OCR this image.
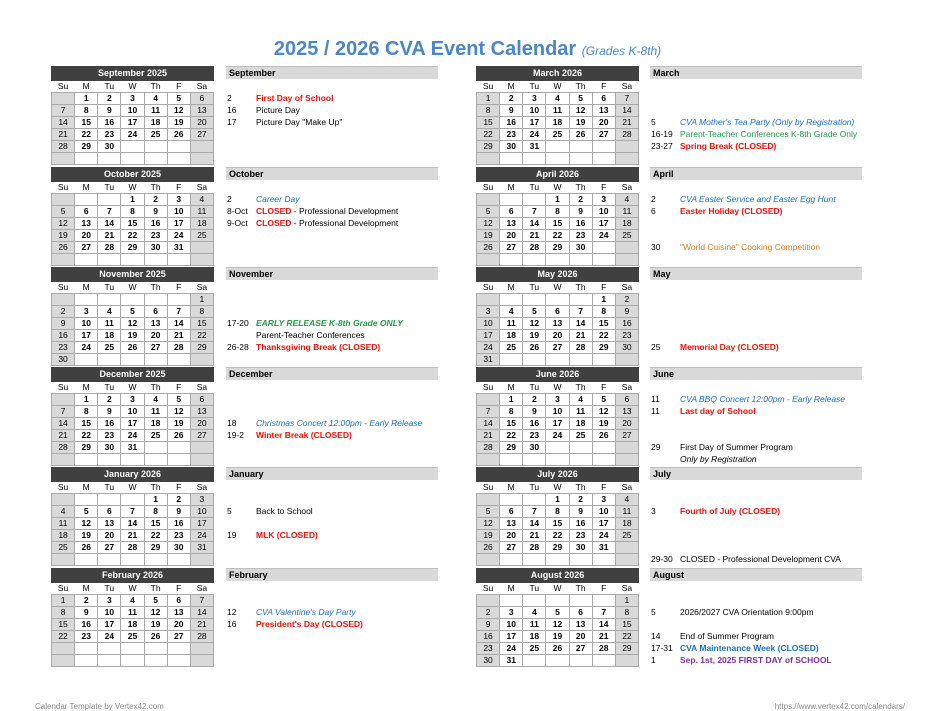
2025 / 2026 CVA Event Calendar (Grades K-8th)
September 2025						
Su	M	Tu	W	Th	F	Sa
	1	2	3	4	5	6
7	8	9	10	11	12	13
14	15	16	17	18	19	20
21	22	23	24	25	26	27
28	29	30				

September
2	First Day of School
16 Picture Day
17 Picture Day "Make Up"
October 2025						
Su	M	Tu	W	Th	F	Sa
			1	2	3	4
5	6	7	8	9	10	11
12	13	14	15	16	17	18
19	20	21	22	23	24	25
26	27	28	29	30	31	

October
2	Career Day
8-Oct CLOSED - Professional Development
9-Oct CLOSED - Professional Development
November 2025						
Su	M	Tu	W	Th	F	Sa
						1
2	3	4	5	6	7	8
9	10	11	12	13	14	15
16	17	18	19	20	21	22
23	24	25	26	27	28	29
30						
November
17-20 EARLY RELEASE K-8th Grade ONLY
Parent-Teacher Conferences
26-28 Thanksgiving Break (CLOSED)
December 2025						
Su	M	Tu	W	Th	F	Sa
	1	2	3	4	5	6
7	8	9	10	11	12	13
14	15	16	17	18	19	20
21	22	23	24	25	26	27
28	29	30	31			

December
18 Christmas Concert 12:00pm - Early Release
19-2 Winter Break (CLOSED)
January 2026						
Su	M	Tu	W	Th	F	Sa
				1	2	3
4	5	6	7	8	9	10
11	12	13	14	15	16	17
18	19	20	21	22	23	24
25	26	27	28	29	30	31

January
5	Back to School
19 MLK (CLOSED)
February 2026						
Su	M	Tu	W	Th	F	Sa
1	2	3	4	5	6	7
8	9	10	11	12	13	14
15	16	17	18	19	20	21
22	23	24	25	26	27	28

February
12 CVA Valentine's Day Party
16 President's Day (CLOSED)
March 2026						
Su	M	Tu	W	Th	F	Sa
1	2	3	4	5	6	7
8	9	10	11	12	13	14
15	16	17	18	19	20	21
22	23	24	25	26	27	28
29	30	31				

March
5	CVA Mother's Tea Party (Only by Registration)
16-19 Parent-Teacher Conferences K-8th Grade Only
23-27 Spring Break (CLOSED)
April 2026						
Su	M	Tu	W	Th	F	Sa
			1	2	3	4
5	6	7	8	9	10	11
12	13	14	15	16	17	18
19	20	21	22	23	24	25
26	27	28	29	30		

April
2	CVA Easter Service and Easter Egg Hunt
6	Easter Holiday (CLOSED)
30 "World Cuisine" Cooking Competition
May 2026						
Su	M	Tu	W	Th	F	Sa
					1	2
3	4	5	6	7	8	9
10	11	12	13	14	15	16
17	18	19	20	21	22	23
24	25	26	27	28	29	30
31						
May
25 Memorial Day (CLOSED)
June 2026						
Su	M	Tu	W	Th	F	Sa
	1	2	3	4	5	6
7	8	9	10	11	12	13
14	15	16	17	18	19	20
21	22	23	24	25	26	27
28	29	30				

June
11 CVA BBQ Concert 12:00pm - Early Release
11 Last day of School
29 First Day of Summer Program
Only by Registration
July 2026						
Su	M	Tu	W	Th	F	Sa
			1	2	3	4
5	6	7	8	9	10	11
12	13	14	15	16	17	18
19	20	21	22	23	24	25
26	27	28	29	30	31	

July
3	Fourth of July (CLOSED)
29-30 CLOSED - Professional Development CVA
August 2026						
Su	M	Tu	W	Th	F	Sa
						1
2	3	4	5	6	7	8
9	10	11	12	13	14	15
16	17	18	19	20	21	22
23	24	25	26	27	28	29
30	31					
August
5	2026/2027 CVA Orientation 9:00pm
14 End of Summer Program
17-31 CVA Maintenance Week (CLOSED)
1	Sep. 1st, 2025 FIRST DAY of SCHOOL
Calendar Template by Vertex42.com	https://www.vertex42.com/calendars/
